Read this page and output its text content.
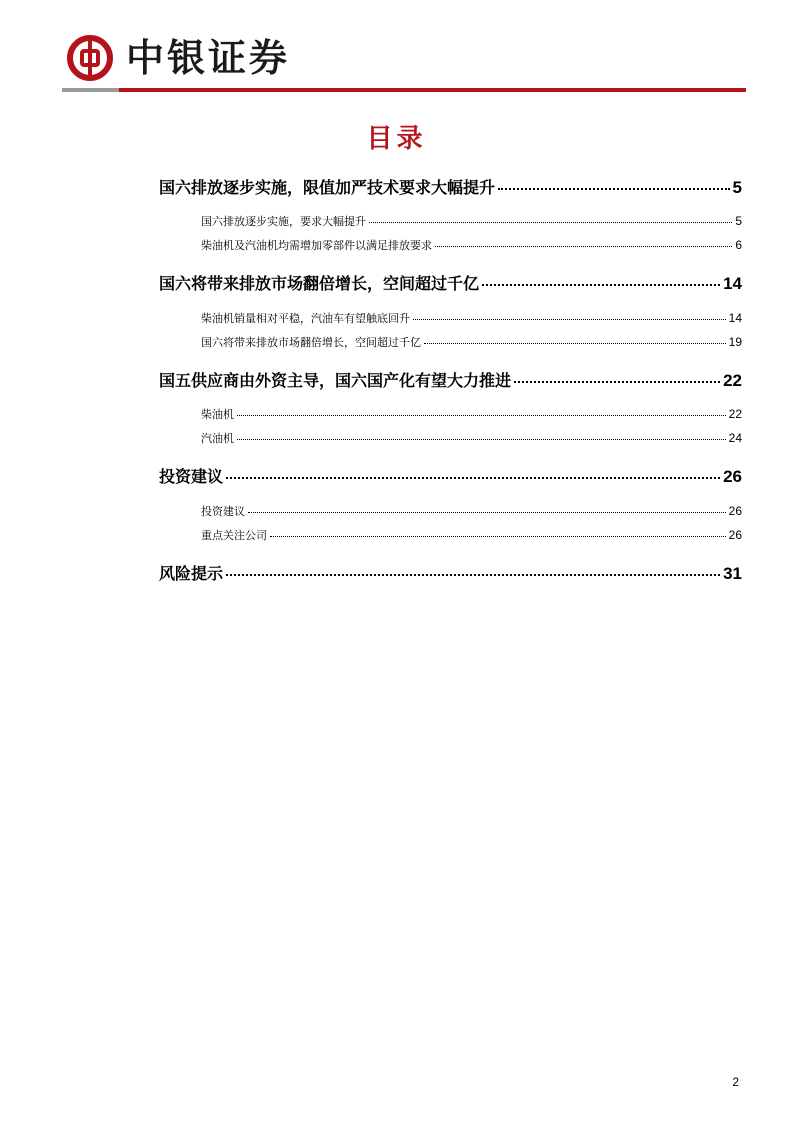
中银证券
目录
国六排放逐步实施，限值加严技术要求大幅提升	5
国六排放逐步实施，要求大幅提升	5
柴油机及汽油机均需增加零部件以满足排放要求	6
国六将带来排放市场翻倍增长，空间超过千亿	14
柴油机销量相对平稳，汽油车有望触底回升	14
国六将带来排放市场翻倍增长，空间超过千亿	19
国五供应商由外资主导，国六国产化有望大力推进	22
柴油机	22
汽油机	24
投资建议	26
投资建议	26
重点关注公司	26
风险提示	31
2
